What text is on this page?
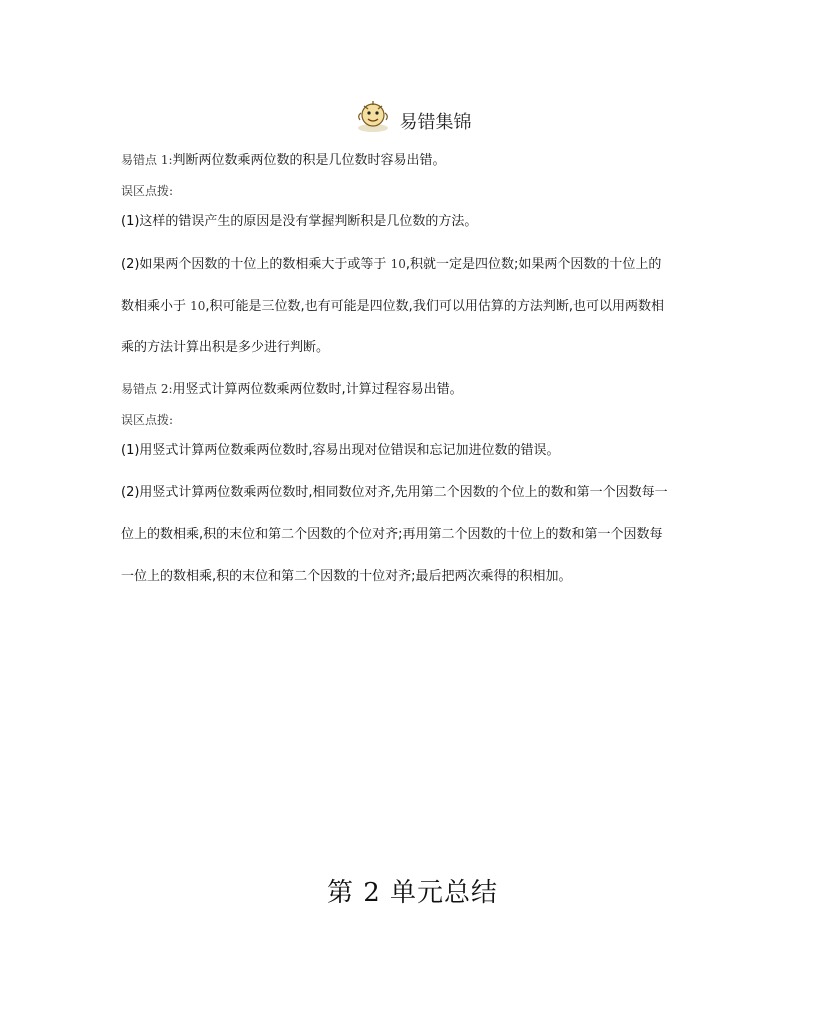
易错集锦
易错点 1:判断两位数乘两位数的积是几位数时容易出错。
误区点拨:
(1)这样的错误产生的原因是没有掌握判断积是几位数的方法。
(2)如果两个因数的十位上的数相乘大于或等于 10,积就一定是四位数;如果两个因数的十位上的
数相乘小于 10,积可能是三位数,也有可能是四位数,我们可以用估算的方法判断,也可以用两数相
乘的方法计算出积是多少进行判断。
易错点 2:用竖式计算两位数乘两位数时,计算过程容易出错。
误区点拨:
(1)用竖式计算两位数乘两位数时,容易出现对位错误和忘记加进位数的错误。
(2)用竖式计算两位数乘两位数时,相同数位对齐,先用第二个因数的个位上的数和第一个因数每一
位上的数相乘,积的末位和第二个因数的个位对齐;再用第二个因数的十位上的数和第一个因数每
一位上的数相乘,积的末位和第二个因数的十位对齐;最后把两次乘得的积相加。
第 2 单元总结
